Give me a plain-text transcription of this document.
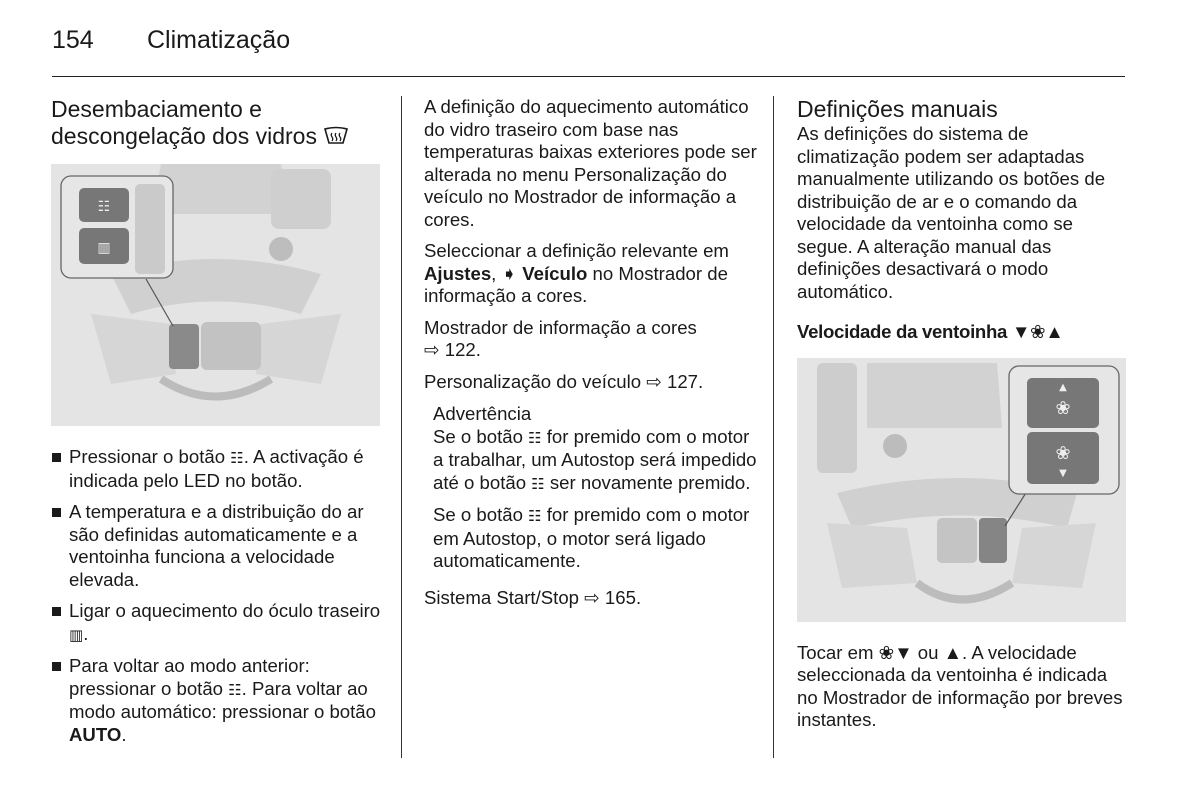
154 Climatização
Desembaciamento e
descongelação dos vidros
☷
▥
Pressionar o botão ☷. A activação é indicada pelo LED no botão.
A temperatura e a distribuição do ar são definidas automaticamente e a ventoinha funciona a velocidade elevada.
Ligar o aquecimento do óculo traseiro ▥.
Para voltar ao modo anterior: pressionar o botão ☷. Para voltar ao modo automático: pressionar o botão AUTO.

A definição do aquecimento automático do vidro traseiro com base nas temperaturas baixas exteriores pode ser alterada no menu Personalização do veículo no Mostrador de informação a cores.

Seleccionar a definição relevante em Ajustes, ➧ Veículo no Mostrador de informação a cores.

Mostrador de informação a cores
⇨ 122.

Personalização do veículo ⇨ 127.

Advertência

Se o botão ☷ for premido com o motor a trabalhar, um Autostop será impedido até o botão ☷ ser novamente premido.

Se o botão ☷ for premido com o motor em Autostop, o motor será ligado automaticamente.

Sistema Start/Stop ⇨ 165.

Definições manuais

As definições do sistema de climatização podem ser adaptadas manualmente utilizando os botões de distribuição de ar e o comando da velocidade da ventoinha como se segue. A alteração manual das definições desactivará o modo automático.

Velocidade da ventoinha ▼❀▲
▲
❀
❀
▼

Tocar em ❀▼ ou ▲. A velocidade seleccionada da ventoinha é indicada no Mostrador de informação por breves instantes.
